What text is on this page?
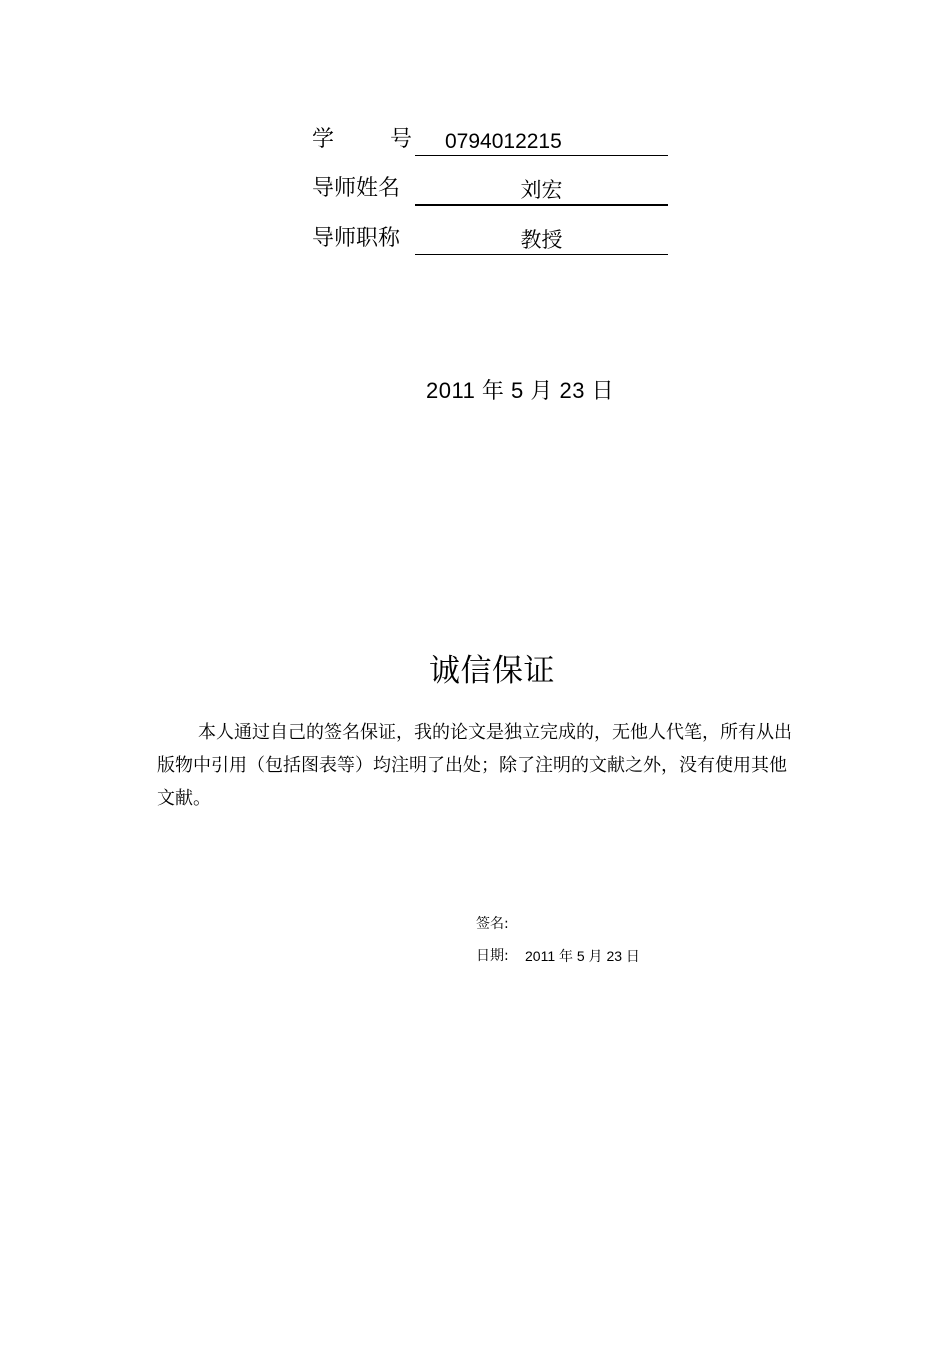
学　　号	0794012215
导师姓名	刘宏
导师职称	教授
2011 年 5 月 23 日
诚信保证
本人通过自己的签名保证，我的论文是独立完成的，无他人代笔，所有从出
版物中引用（包括图表等）均注明了出处；除了注明的文献之外，没有使用其他
文献。
签名:
日期: 2011 年 5 月 23 日
